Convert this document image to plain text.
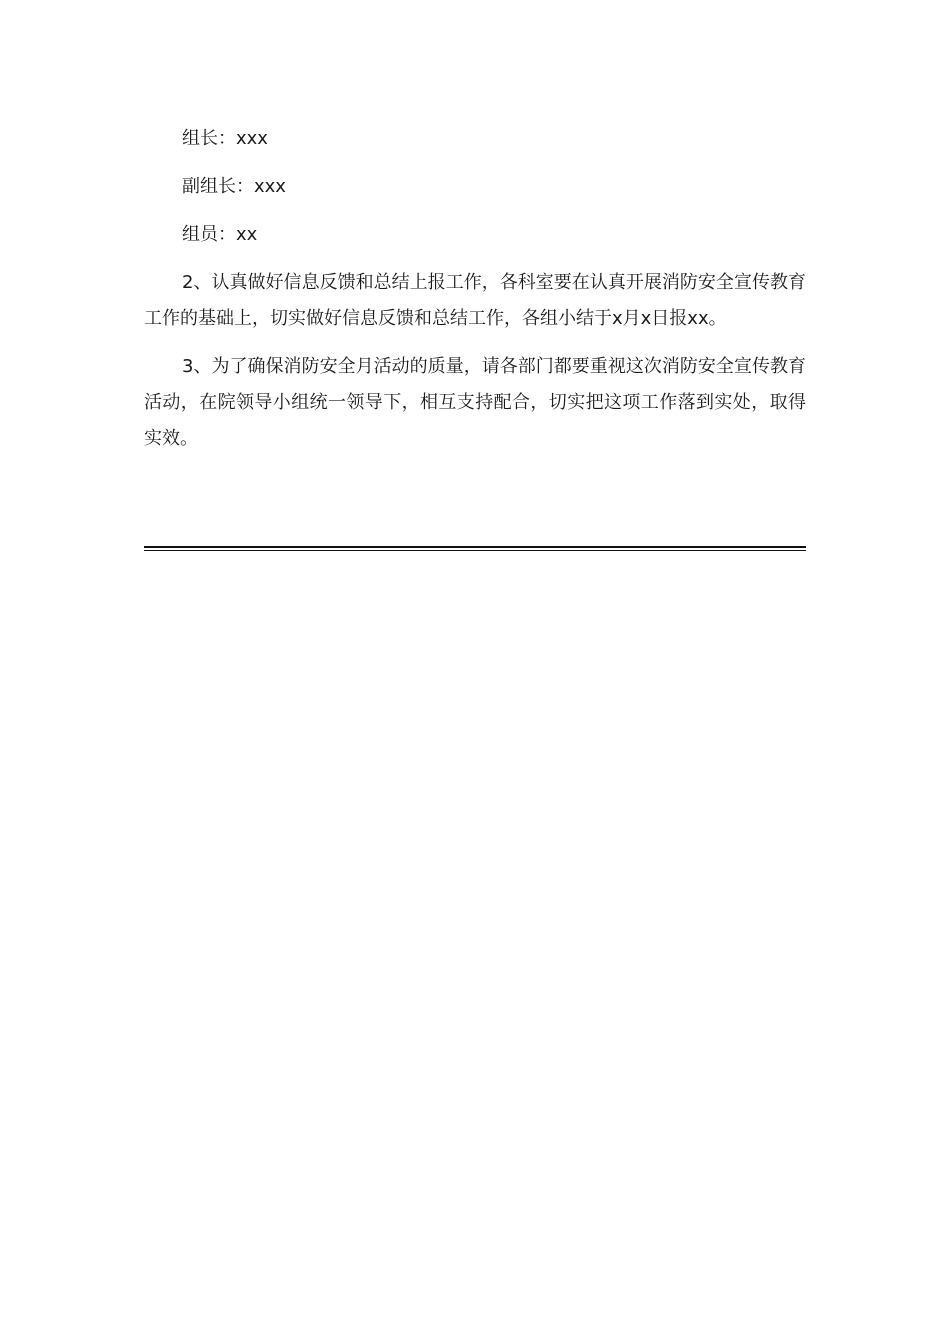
组长：xxx
副组长：xxx
组员：xx

2、认真做好信息反馈和总结上报工作，各科室要在认真开展消防安全宣传教育工作的基础上，切实做好信息反馈和总结工作，各组小结于x月x日报xx。

3、为了确保消防安全月活动的质量，请各部门都要重视这次消防安全宣传教育活动，在院领导小组统一领导下，相互支持配合，切实把这项工作落到实处，取得实效。
